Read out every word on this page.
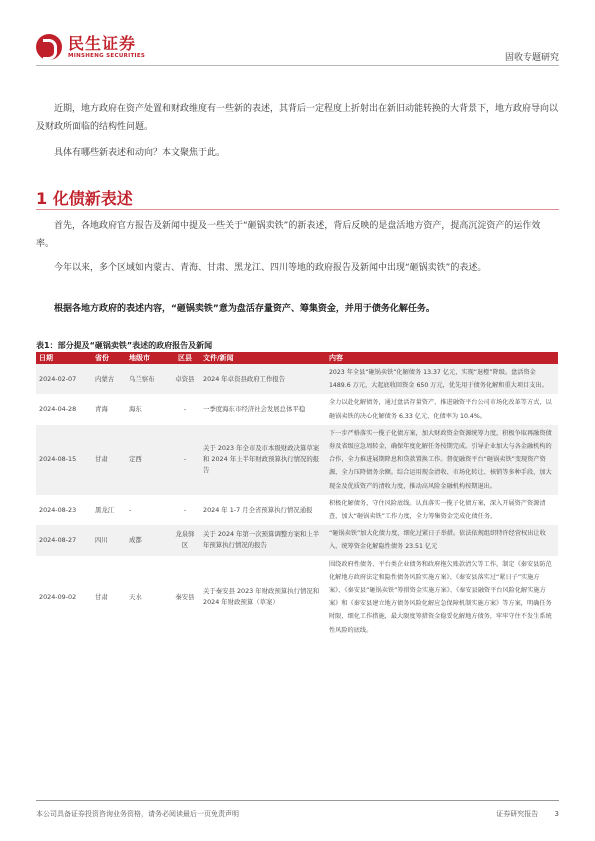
民生证券
MINSHENG SECURITIES	固收专题研究
近期，地方政府在资产处置和财政维度有一些新的表述，其背后一定程度上折射出在新旧动能转换的大背景下，地方政府导向以及财政所面临的结构性问题。
具体有哪些新表述和动向？本文聚焦于此。
1 化债新表述
首先，各地政府官方报告及新闻中提及一些关于“砸锅卖铁”的新表述，背后反映的是盘活地方资产，提高沉淀资产的运作效率。
今年以来，多个区域如内蒙古、青海、甘肃、黑龙江、四川等地的政府报告及新闻中出现“砸锅卖铁”的表述。
根据各地方政府的表述内容，“砸锅卖铁”意为盘活存量资产、筹集资金，并用于债务化解任务。
表1：部分提及“砸锅卖铁”表述的政府报告及新闻
日期	省份	地级市	区县	文件/新闻	内容
2024-02-07	内蒙古	乌兰察布	卓资县	2024 年卓资县政府工作报告	2023 年全县“砸锅卖铁”化解债务 13.37 亿元，实现“退橙”降级。盘活资金 1489.6 万元，大起底收回资金 650 万元，优先用于债务化解和重大项目支出。
2024-04-28	青海	海东	-	一季度海东市经济社会发展总体平稳	全力以赴化解债务，通过盘活存量资产、推进融资平台公司市场化改革等方式，以砸锅卖铁的决心化解债务 6.33 亿元，化债率为 10.4%。
2024-08-15	甘肃	定西	-	关于 2023 年全市及市本级财政决算草案和 2024 年上半年财政预算执行情况的报告	下一步严格落实一揽子化债方案，加大财政资金资源统筹力度，积极争取再融资债券及省级应急周转金，确保年度化解任务按期完成。引导企业加大与各金融机构的合作，全力推进展期降息和贷款置换工作。督促融资平台“砸锅卖铁”变现资产资源，全力压降债务余额。综合运用现金清收、市场化转让、核销等多种手段，加大现金及优质资产的清收力度，推动高风险金融机构按期退出。
2024-08-23	黑龙江	-	-	2024 年 1-7 月全省预算执行情况通报	积极化解债务，守住风险底线。认真落实一揽子化债方案，深入开展资产资源清查，加大“砸锅卖铁”工作力度，全力筹集资金完成化债任务。
2024-08-27	四川	成都	龙泉驿区	关于 2024 年第一次预算调整方案和上半年预算执行情况的报告	“砸锅卖铁”加大化债力度，细化过紧日子举措。依法依规组织特许经营权出让收入，统筹资金化解隐性债务 23.51 亿元
2024-09-02	甘肃	天水	秦安县	关于秦安县 2023 年财政预算执行情况和 2024 年财政预算（草案）	围绕政府性债务、平台类企业债务和政府拖欠账款清欠等工作，制定《秦安县防范化解地方政府法定和隐性债务风险实施方案》、《秦安县落实过“紧日子”实施方案》、《秦安县“砸锅卖铁”筹措资金实施方案》、《秦安县融资平台风险化解实施方案》和《秦安县建立地方债务风险化解应急保障机制实施方案》等方案，明确任务时限，细化工作措施，最大限度筹措资金稳妥化解地方债务，牢牢守住不发生系统性风险的底线。
本公司具备证券投资咨询业务资格，请务必阅读最后一页免责声明	证券研究报告 3
